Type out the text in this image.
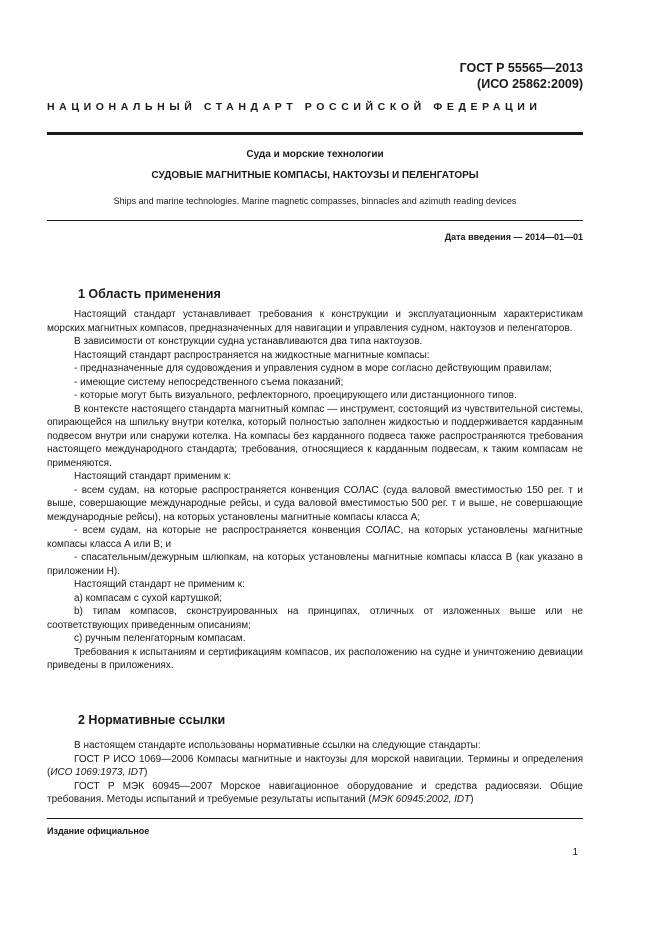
ГОСТ Р 55565—2013
(ИСО 25862:2009)
НАЦИОНАЛЬНЫЙ СТАНДАРТ РОССИЙСКОЙ ФЕДЕРАЦИИ
Суда и морские технологии
СУДОВЫЕ МАГНИТНЫЕ КОМПАСЫ, НАКТОУЗЫ И ПЕЛЕНГАТОРЫ
Ships and marine technologies. Marine magnetic compasses, binnacles and azimuth reading devices
Дата введения — 2014—01—01
1 Область применения

Настоящий стандарт устанавливает требования к конструкции и эксплуатационным характеристикам морских магнитных компасов, предназначенных для навигации и управления судном, нактоузов и пеленгаторов.

В зависимости от конструкции судна устанавливаются два типа нактоузов.

Настоящий стандарт распространяется на жидкостные магнитные компасы:

- предназначенные для судовождения и управления судном в море согласно действующим правилам;

- имеющие систему непосредственного съема показаний;

- которые могут быть визуального, рефлекторного, проецирующего или дистанционного типов.

В контексте настоящего стандарта магнитный компас — инструмент, состоящий из чувствительной системы, опирающейся на шпильку внутри котелка, который полностью заполнен жидкостью и поддерживается карданным подвесом внутри или снаружи котелка. На компасы без карданного подвеса также распространяются требования настоящего международного стандарта; требования, относящиеся к карданным подвесам, к таким компасам не применяются.

Настоящий стандарт применим к:

- всем судам, на которые распространяется конвенция СОЛАС (суда валовой вместимостью 150 рег. т и выше, совершающие международные рейсы, и суда валовой вместимостью 500 рег. т и выше, не совершающие международные рейсы), на которых установлены магнитные компасы класса А;

- всем судам, на которые не распространяется конвенция СОЛАС, на которых установлены магнитные компасы класса А или В; и

- спасательным/дежурным шлюпкам, на которых установлены магнитные компасы класса В (как указано в приложении Н).

Настоящий стандарт не применим к:

а) компасам с сухой картушкой;

b) типам компасов, сконструированных на принципах, отличных от изложенных выше или не соответствующих приведенным описаниям;

c) ручным пеленгаторным компасам.

Требования к испытаниям и сертификациям компасов, их расположению на судне и уничтожению девиации приведены в приложениях.

2 Нормативные ссылки

В настоящем стандарте использованы нормативные ссылки на следующие стандарты:

ГОСТ Р ИСО 1069—2006 Компасы магнитные и нактоузы для морской навигации. Термины и определения (ИСО 1069:1973, IDT)

ГОСТ Р МЭК 60945—2007 Морское навигационное оборудование и средства радиосвязи. Общие требования. Методы испытаний и требуемые результаты испытаний (МЭК 60945:2002, IDT)

Издание официальное
1
